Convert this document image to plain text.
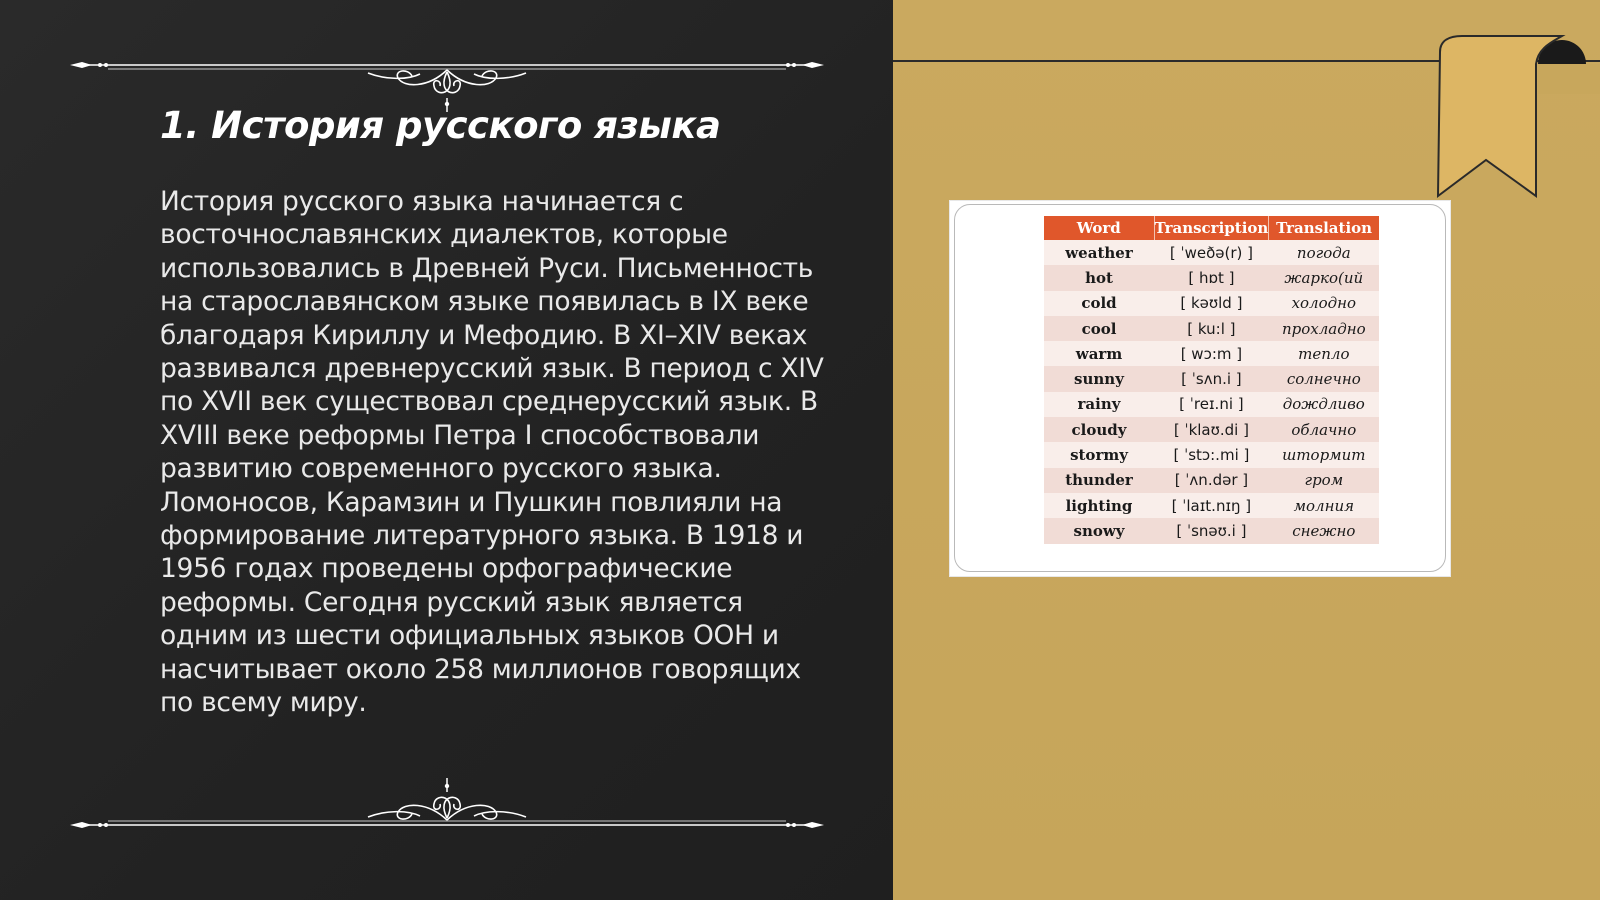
1. История русского языка

История русского языка начинается с восточнославянских диалектов, которые использовались в Древней Руси. Письменность на старославянском языке появилась в IX веке благодаря Кириллу и Мефодию. В XI–XIV веках развивался древнерусский язык. В период с XIV по XVII век существовал среднерусский язык. В XVIII веке реформы Петра I способствовали развитию современного русского языка. Ломоносов, Карамзин и Пушкин повлияли на формирование литературного языка. В 1918 и 1956 годах проведены орфографические реформы. Сегодня русский язык является одним из шести официальных языков ООН и насчитывает около 258 миллионов говорящих по всему миру.

Word	Transcription	Translation
weather	[ ˈweðə(r) ]	погода
hot	[ hɒt ]	жарко(ий
cold	[ kəʊld ]	холодно
cool	[ ku:l ]	прохладно
warm	[ wɔ:m ]	тепло
sunny	[ ˈsʌn.i ]	солнечно
rainy	[ ˈreɪ.ni ]	дождливо
cloudy	[ ˈklaʊ.di ]	облачно
stormy	[ ˈstɔ:.mi ]	штормит
thunder	[ ˈʌn.dər ]	гром
lighting	[ ˈlaɪt.nɪŋ ]	молния
snowy	[ ˈsnəʊ.i ]	снежно
